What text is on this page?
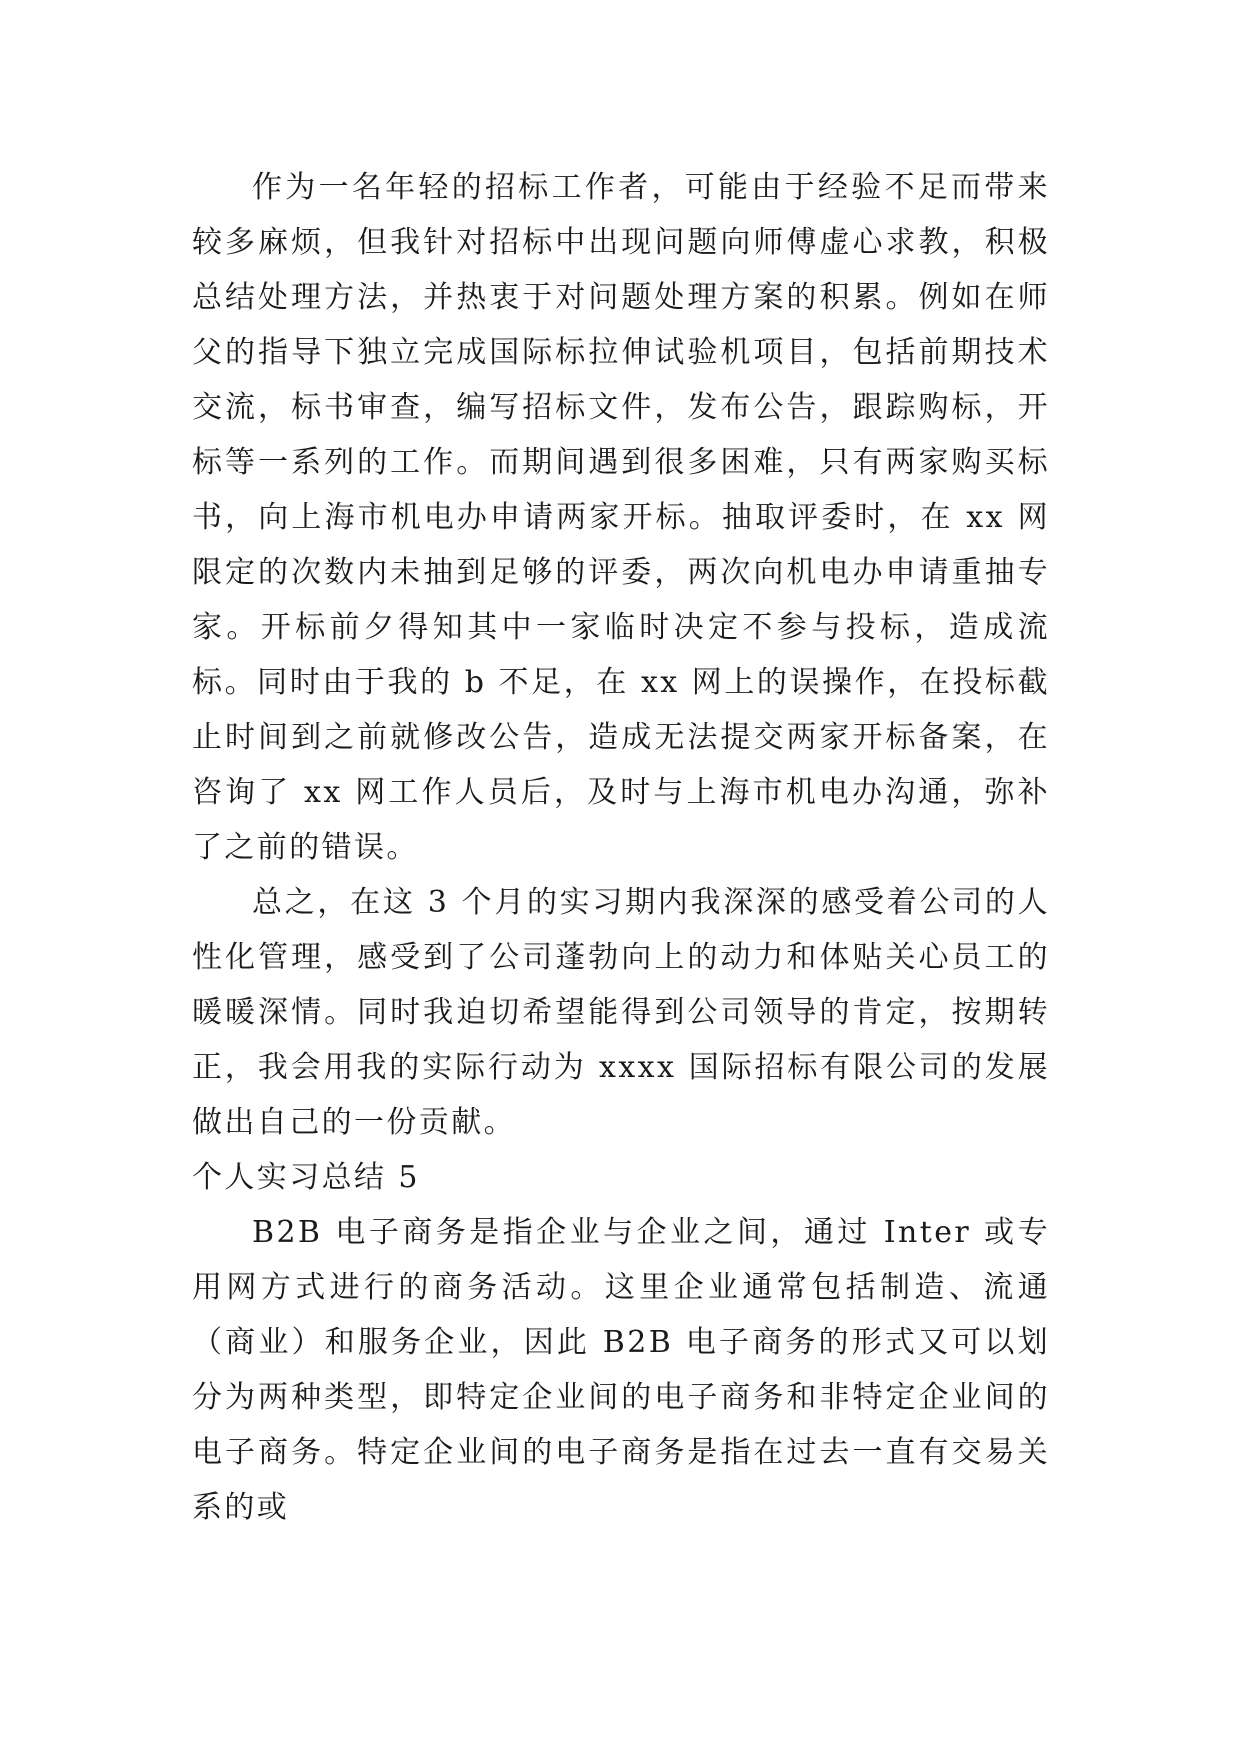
作为一名年轻的招标工作者，可能由于经验不足而带来较多麻烦，但我针对招标中出现问题向师傅虚心求教，积极总结处理方法，并热衷于对问题处理方案的积累。例如在师父的指导下独立完成国际标拉伸试验机项目，包括前期技术交流，标书审查，编写招标文件，发布公告，跟踪购标，开标等一系列的工作。而期间遇到很多困难，只有两家购买标书，向上海市机电办申请两家开标。抽取评委时，在 xx 网限定的次数内未抽到足够的评委，两次向机电办申请重抽专家。开标前夕得知其中一家临时决定不参与投标，造成流标。同时由于我的 b 不足，在 xx 网上的误操作，在投标截止时间到之前就修改公告，造成无法提交两家开标备案，在咨询了 xx 网工作人员后，及时与上海市机电办沟通，弥补了之前的错误。

总之，在这 3 个月的实习期内我深深的感受着公司的人性化管理，感受到了公司蓬勃向上的动力和体贴关心员工的暖暖深情。同时我迫切希望能得到公司领导的肯定，按期转正，我会用我的实际行动为 xxxx 国际招标有限公司的发展做出自己的一份贡献。

个人实习总结 5

B2B 电子商务是指企业与企业之间，通过 Inter 或专用网方式进行的商务活动。这里企业通常包括制造、流通（商业）和服务企业，因此 B2B 电子商务的形式又可以划分为两种类型，即特定企业间的电子商务和非特定企业间的电子商务。特定企业间的电子商务是指在过去一直有交易关系的或
